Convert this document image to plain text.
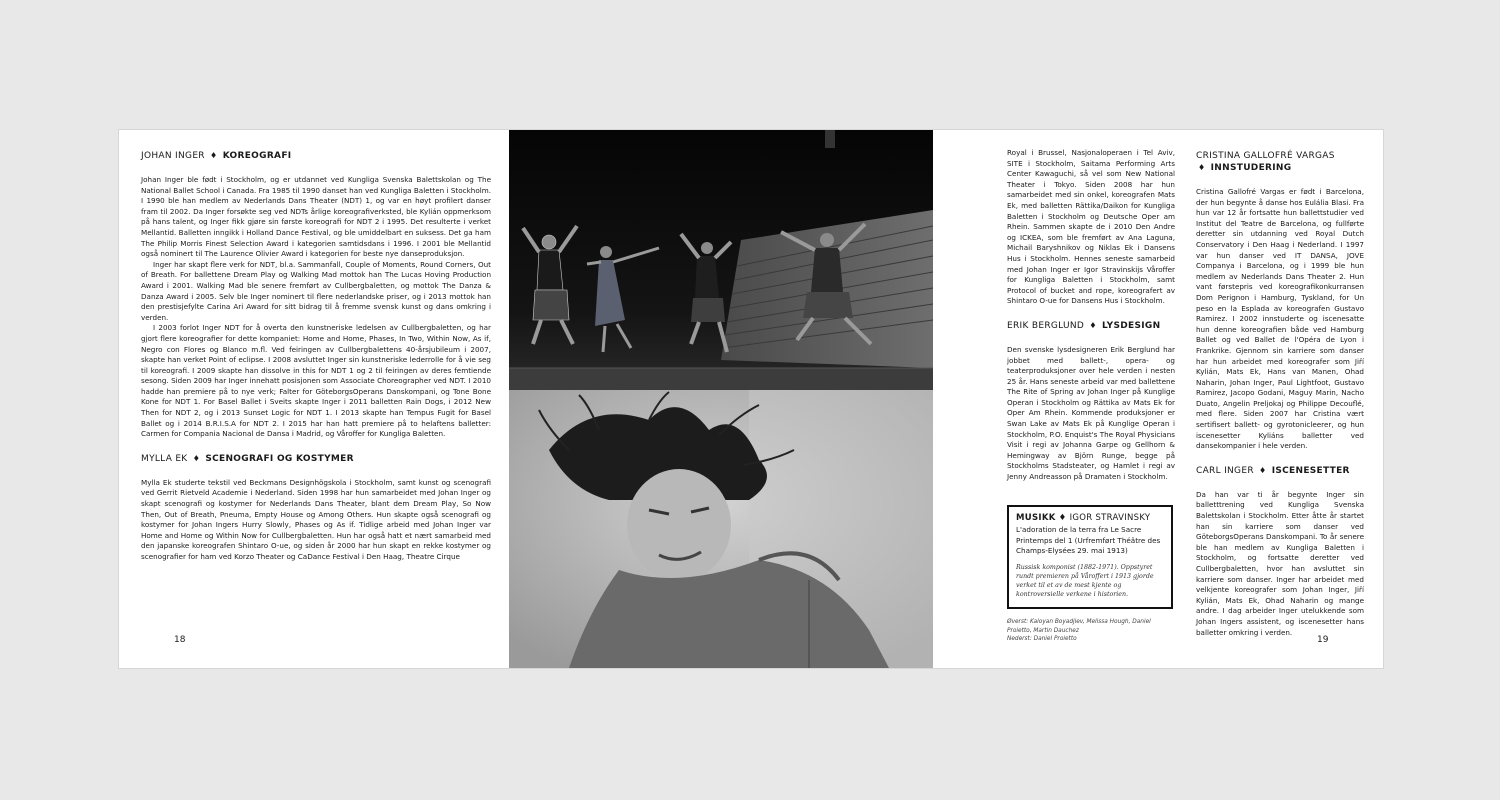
JOHAN INGER ♦ KOREOGRAFI

Johan Inger ble født i Stockholm, og er utdannet ved Kungliga Svenska Balettskolan og The National Ballet School i Canada. Fra 1985 til 1990 danset han ved Kungliga Baletten i Stockholm. I 1990 ble han medlem av Nederlands Dans Theater (NDT) 1, og var en høyt profilert danser fram til 2002. Da Inger forsøkte seg ved NDTs årlige koreografiverksted, ble Kylián oppmerksom på hans talent, og Inger fikk gjøre sin første koreografi for NDT 2 i 1995. Det resulterte i verket Mellantid. Balletten inngikk i Holland Dance Festival, og ble umiddelbart en suksess. Det ga ham The Philip Morris Finest Selection Award i kategorien samtidsdans i 1996. I 2001 ble Mellantid også nominert til The Laurence Olivier Award i kategorien for beste nye danseproduksjon.

Inger har skapt flere verk for NDT, bl.a. Sammanfall, Couple of Moments, Round Corners, Out of Breath. For ballettene Dream Play og Walking Mad mottok han The Lucas Hoving Production Award i 2001. Walking Mad ble senere fremført av Cullbergbaletten, og mottok The Danza & Danza Award i 2005. Selv ble Inger nominert til flere nederlandske priser, og i 2013 mottok han den prestisjefylte Carina Ari Award for sitt bidrag til å fremme svensk kunst og dans omkring i verden.

I 2003 forlot Inger NDT for å overta den kunstneriske ledelsen av Cullbergbaletten, og har gjort flere koreografier for dette kompaniet: Home and Home, Phases, In Two, Within Now, As if, Negro con Flores og Blanco m.fl. Ved feiringen av Cullbergbalettens 40-årsjubileum i 2007, skapte han verket Point of eclipse. I 2008 avsluttet Inger sin kunstneriske lederrolle for å vie seg til koreografi. I 2009 skapte han dissolve in this for NDT 1 og 2 til feiringen av deres femtiende sesong. Siden 2009 har Inger innehatt posisjonen som Associate Choreographer ved NDT. I 2010 hadde han premiere på to nye verk; Falter for GöteborgsOperans Danskompani, og Tone Bone Kone for NDT 1. For Basel Ballet i Sveits skapte Inger i 2011 balletten Rain Dogs, i 2012 New Then for NDT 2, og i 2013 Sunset Logic for NDT 1. I 2013 skapte han Tempus Fugit for Basel Ballet og i 2014 B.R.I.S.A for NDT 2. I 2015 har han hatt premiere på to helaftens balletter: Carmen for Compania Nacional de Dansa i Madrid, og Våroffer for Kungliga Baletten.

MYLLA EK ♦ SCENOGRAFI OG KOSTYMER

Mylla Ek studerte tekstil ved Beckmans Designhögskola i Stockholm, samt kunst og scenografi ved Gerrit Rietveld Academie i Nederland. Siden 1998 har hun samarbeidet med Johan Inger og skapt scenografi og kostymer for Nederlands Dans Theater, blant dem Dream Play, So Now Then, Out of Breath, Pneuma, Empty House og Among Others. Hun skapte også scenografi og kostymer for Johan Ingers Hurry Slowly, Phases og As if. Tidlige arbeid med Johan Inger var Home and Home og Within Now for Cullbergbaletten. Hun har også hatt et nært samarbeid med den japanske koreografen Shintaro O-ue, og siden år 2000 har hun skapt en rekke kostymer og scenografier for ham ved Korzo Theater og CaDance Festival i Den Haag, Theatre Cirque

18

Royal i Brussel, Nasjonaloperaen i Tel Aviv, SITE i Stockholm, Saitama Performing Arts Center Kawaguchi, så vel som New National Theater i Tokyo. Siden 2008 har hun samarbeidet med sin onkel, koreografen Mats Ek, med balletten Rättika/Daikon for Kungliga Baletten i Stockholm og Deutsche Oper am Rhein. Sammen skapte de i 2010 Den Andre og ICKEA, som ble fremført av Ana Laguna, Michail Baryshnikov og Niklas Ek i Dansens Hus i Stockholm. Hennes seneste samarbeid med Johan Inger er Igor Stravinskijs Våroffer for Kungliga Baletten i Stockholm, samt Protocol of bucket and rope, koreografert av Shintaro O-ue for Dansens Hus i Stockholm.

ERIK BERGLUND ♦ LYSDESIGN

Den svenske lysdesigneren Erik Berglund har jobbet med ballett-, opera- og teaterproduksjoner over hele verden i nesten 25 år. Hans seneste arbeid var med ballettene The Rite of Spring av Johan Inger på Kunglige Operan i Stockholm og Rättika av Mats Ek for Oper Am Rhein. Kommende produksjoner er Swan Lake av Mats Ek på Kunglige Operan i Stockholm, P.O. Enquist's The Royal Physicians Visit i regi av Johanna Garpe og Gellhorn & Hemingway av Björn Runge, begge på Stockholms Stadsteater, og Hamlet i regi av Jenny Andreasson på Dramaten i Stockholm.

MUSIKK ♦ IGOR STRAVINSKY
L'adoration de la terra fra Le Sacre Printemps del 1 (Urfremført Théâtre des Champs-Elysées 29. mai 1913)
Russisk komponist (1882-1971). Oppstyret rundt premieren på Våroffert i 1913 gjorde verket til et av de mest kjente og kontroversielle verkene i historien.

Øverst: Kaloyan Boyadjiev, Melissa Hough, Daniel Proietto, Martin Dauchez

Nederst: Daniel Proietto

CRISTINA GALLOFRÉ VARGAS
♦ INNSTUDERING

Cristina Gallofré Vargas er født i Barcelona, der hun begynte å danse hos Eulália Blasi. Fra hun var 12 år fortsatte hun ballettstudier ved Institut del Teatre de Barcelona, og fullførte deretter sin utdanning ved Royal Dutch Conservatory i Den Haag i Nederland. I 1997 var hun danser ved IT DANSA, JOVE Companya i Barcelona, og i 1999 ble hun medlem av Nederlands Dans Theater 2. Hun vant førstepris ved koreografikonkurransen Dom Perignon i Hamburg, Tyskland, for Un peso en la Esplada av koreografen Gustavo Ramirez. I 2002 innstuderte og iscenesatte hun denne koreografien både ved Hamburg Ballet og ved Ballet de l'Opéra de Lyon i Frankrike. Gjennom sin karriere som danser har hun arbeidet med koreografer som Jiří Kylián, Mats Ek, Hans van Manen, Ohad Naharin, Johan Inger, Paul Lightfoot, Gustavo Ramirez, Jacopo Godani, Maguy Marin, Nacho Duato, Angelin Preljokaj og Philippe Decouflé, med flere. Siden 2007 har Cristina vært sertifisert ballett- og gyrotonicleerer, og hun iscenesetter Kyliáns balletter ved dansekompanier i hele verden.

CARL INGER ♦ ISCENESETTER

Da han var ti år begynte Inger sin balletttrening ved Kungliga Svenska Balettskolan i Stockholm. Etter åtte år startet han sin karriere som danser ved GöteborgsOperans Danskompani. To år senere ble han medlem av Kungliga Baletten i Stockholm, og fortsatte deretter ved Cullbergbaletten, hvor han avsluttet sin karriere som danser. Inger har arbeidet med velkjente koreografer som Johan Inger, Jiří Kylián, Mats Ek, Ohad Naharin og mange andre. I dag arbeider Inger utelukkende som Johan Ingers assistent, og iscenesetter hans balletter omkring i verden.

19
